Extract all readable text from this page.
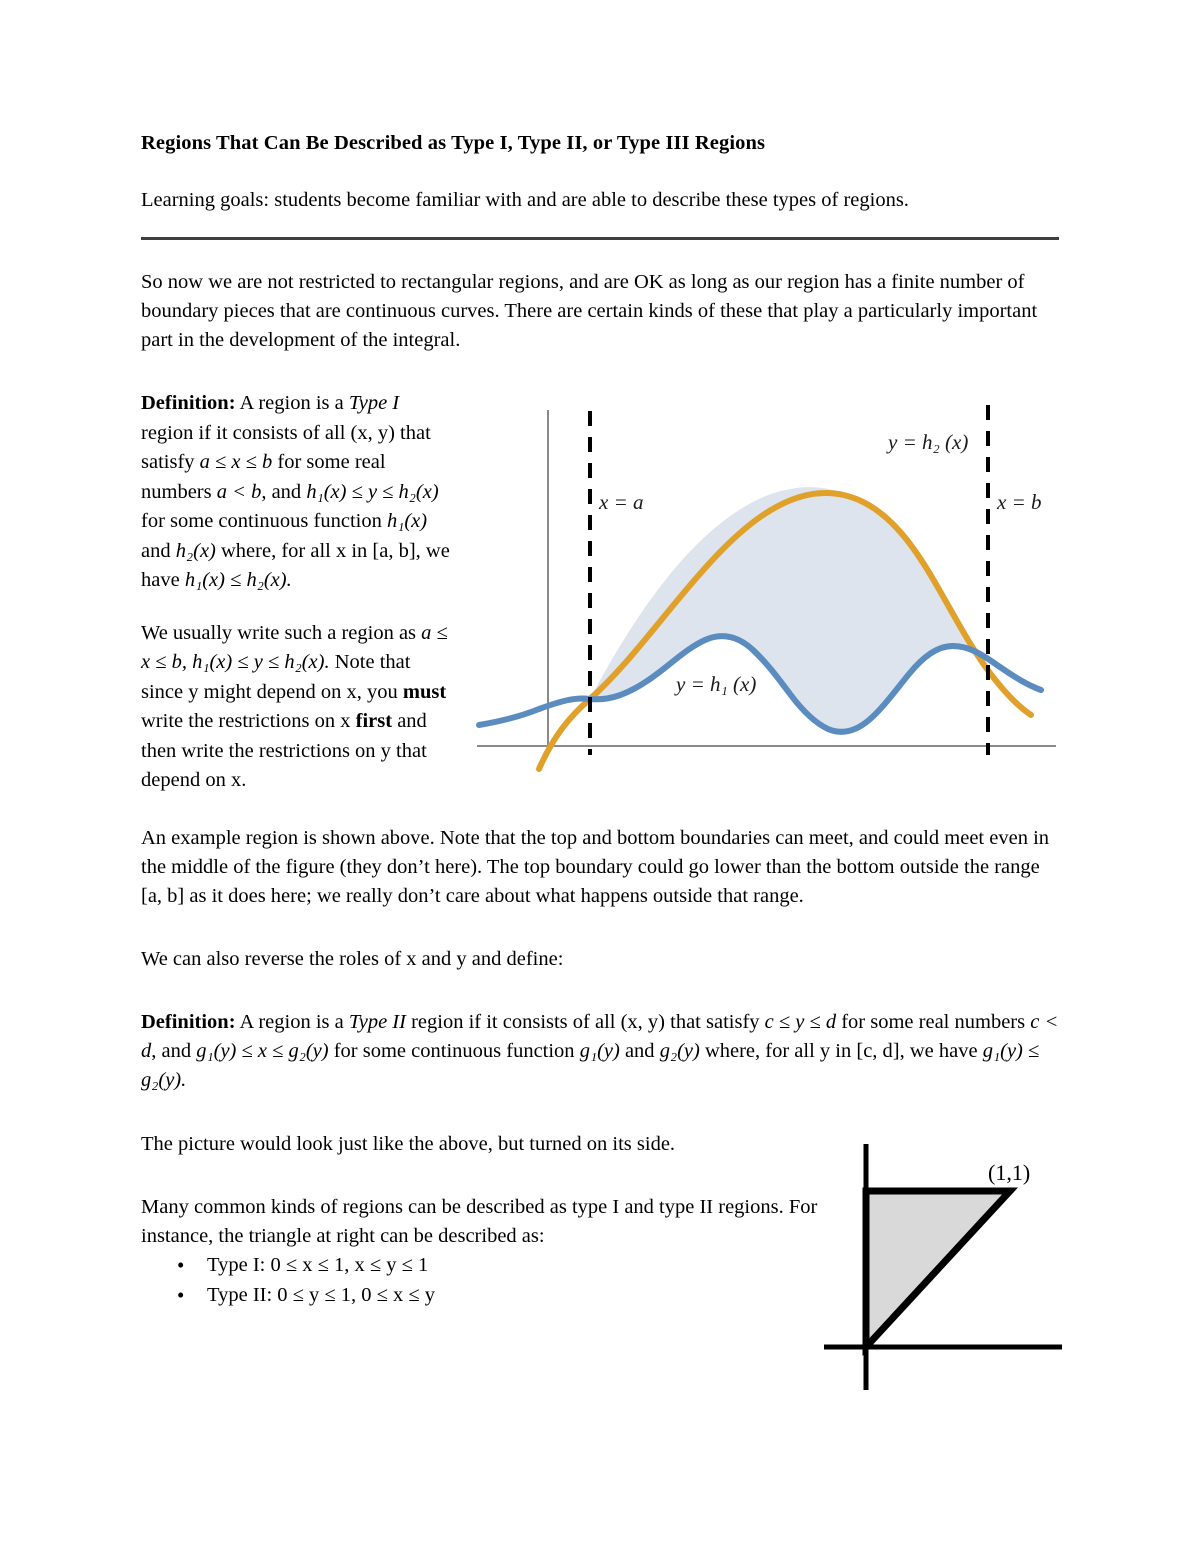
Regions That Can Be Described as Type I, Type II, or Type III Regions

Learning goals: students become familiar with and are able to describe these types of regions.

So now we are not restricted to rectangular regions, and are OK as long as our region has a finite number of boundary pieces that are continuous curves. There are certain kinds of these that play a particularly important part in the development of the integral.

Definition: A region is a Type I region if it consists of all (x, y) that satisfy a ≤ x ≤ b for some real numbers a < b, and h₁(x) ≤ y ≤ h₂(x) for some continuous function h₁(x) and h₂(x) where, for all x in [a, b], we have h₁(x) ≤ h₂(x).

We usually write such a region as a ≤ x ≤ b, h₁(x) ≤ y ≤ h₂(x). Note that since y might depend on x, you must write the restrictions on x first and then write the restrictions on y that depend on x.

x = a	x = b
y = h₂ (x)
y = h₁ (x)

An example region is shown above. Note that the top and bottom boundaries can meet, and could meet even in the middle of the figure (they don’t here). The top boundary could go lower than the bottom outside the range [a, b] as it does here; we really don’t care about what happens outside that range.

We can also reverse the roles of x and y and define:

Definition: A region is a Type II region if it consists of all (x, y) that satisfy c ≤ y ≤ d for some real numbers c < d, and g₁(y) ≤ x ≤ g₂(y) for some continuous function g₁(y) and g₂(y) where, for all y in [c, d], we have g₁(y) ≤ g₂(y).

The picture would look just like the above, but turned on its side.

Many common kinds of regions can be described as type I and type II regions. For instance, the triangle at right can be described as:

• Type I: 0 ≤ x ≤ 1, x ≤ y ≤ 1
• Type II: 0 ≤ y ≤ 1, 0 ≤ x ≤ y
(1,1)
